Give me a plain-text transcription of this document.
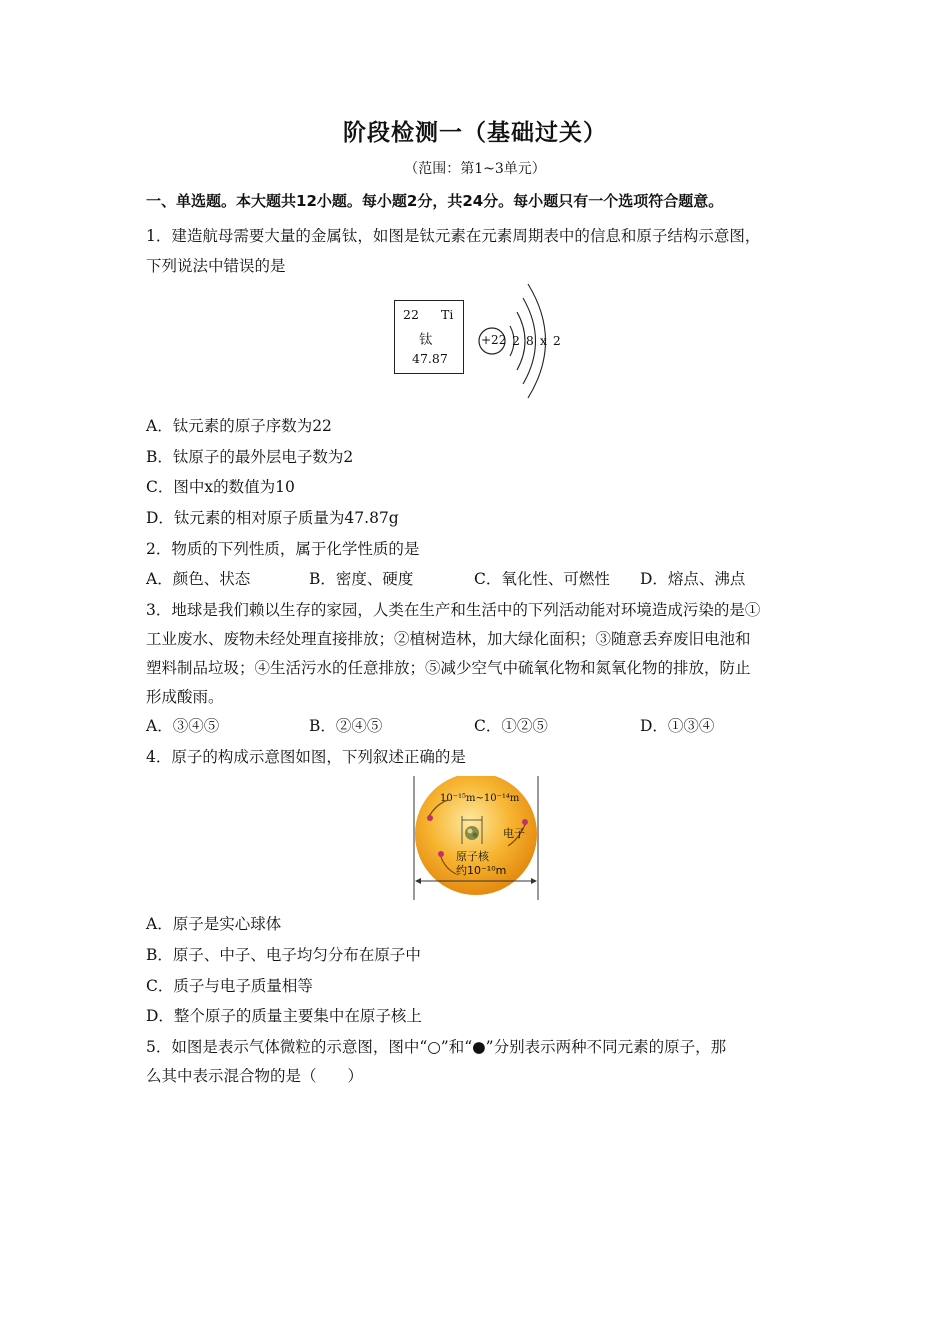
阶段检测一（基础过关）
（范围：第1~3单元）
一、单选题。本大题共12小题。每小题2分，共24分。每小题只有一个选项符合题意。
1．建造航母需要大量的金属钛，如图是钛元素在元素周期表中的信息和原子结构示意图，
下列说法中错误的是
22 Ti
钛
47.87
+22 2 8 x 2
A．钛元素的原子序数为22
B．钛原子的最外层电子数为2
C．图中x的数值为10
D．钛元素的相对原子质量为47.87g
2．物质的下列性质，属于化学性质的是
A．颜色、状态	B．密度、硬度	C．氧化性、可燃性 D．熔点、沸点
3．地球是我们赖以生存的家园，人类在生产和生活中的下列活动能对环境造成污染的是①
工业废水、废物未经处理直接排放；②植树造林，加大绿化面积；③随意丢弃废旧电池和
塑料制品垃圾；④生活污水的任意排放；⑤减少空气中硫氧化物和氮氧化物的排放，防止
形成酸雨。
A．③④⑤	B．②④⑤	C．①②⑤	D．①③④
4．原子的构成示意图如图，下列叙述正确的是
10⁻¹⁵m~10⁻¹⁴m
电子
原子核
约10⁻¹⁰m
A．原子是实心球体
B．原子、中子、电子均匀分布在原子中
C．质子与电子质量相等
D．整个原子的质量主要集中在原子核上
5．如图是表示气体微粒的示意图，图中“○”和“●”分别表示两种不同元素的原子，那
么其中表示混合物的是（　　）
